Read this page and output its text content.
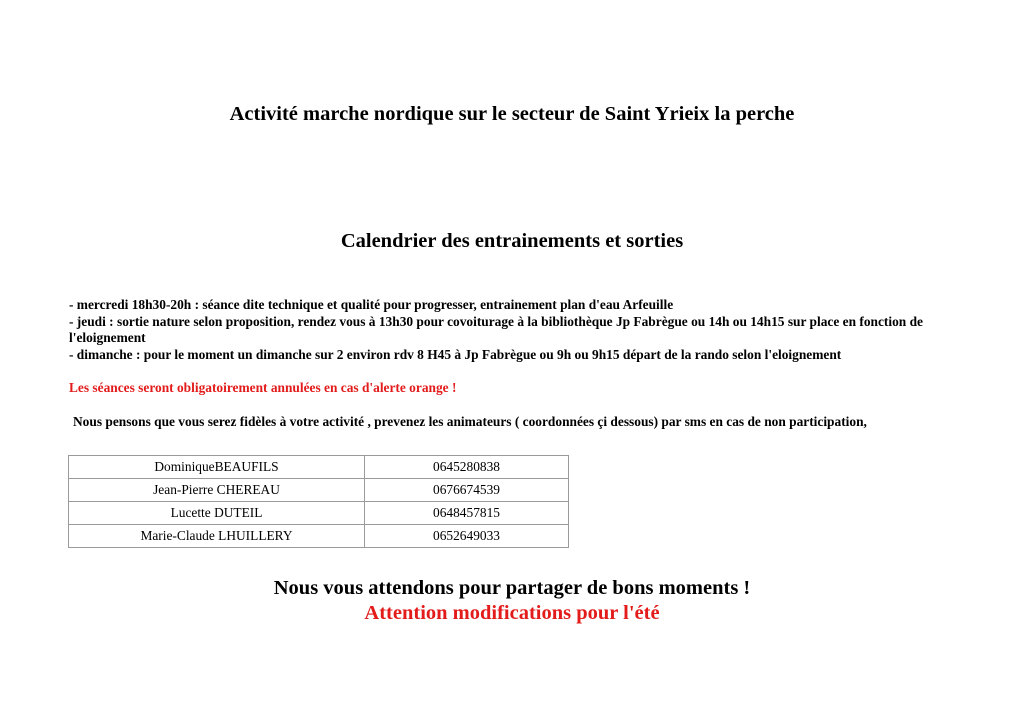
Activité marche nordique sur le secteur de Saint Yrieix la perche
Calendrier des entrainements et sorties

- mercredi 18h30-20h : séance dite technique et qualité pour progresser, entrainement plan d'eau Arfeuille

- jeudi : sortie nature selon proposition, rendez vous à 13h30 pour covoiturage à la bibliothèque Jp Fabrègue ou 14h ou 14h15 sur place en fonction de l'eloignement

- dimanche : pour le moment un dimanche sur 2 environ rdv 8 H45 à Jp Fabrègue ou 9h ou 9h15 départ de la rando selon l'eloignement

Les séances seront obligatoirement annulées en cas d'alerte orange !

Nous pensons que vous serez fidèles à votre activité , prevenez les animateurs ( coordonnées çi dessous) par sms en cas de non participation,

DominiqueBEAUFILS	0645280838
Jean-Pierre CHEREAU	0676674539
Lucette DUTEIL	0648457815
Marie-Claude LHUILLERY	0652649033

Nous vous attendons pour partager de bons moments !

Attention modifications pour l'été
